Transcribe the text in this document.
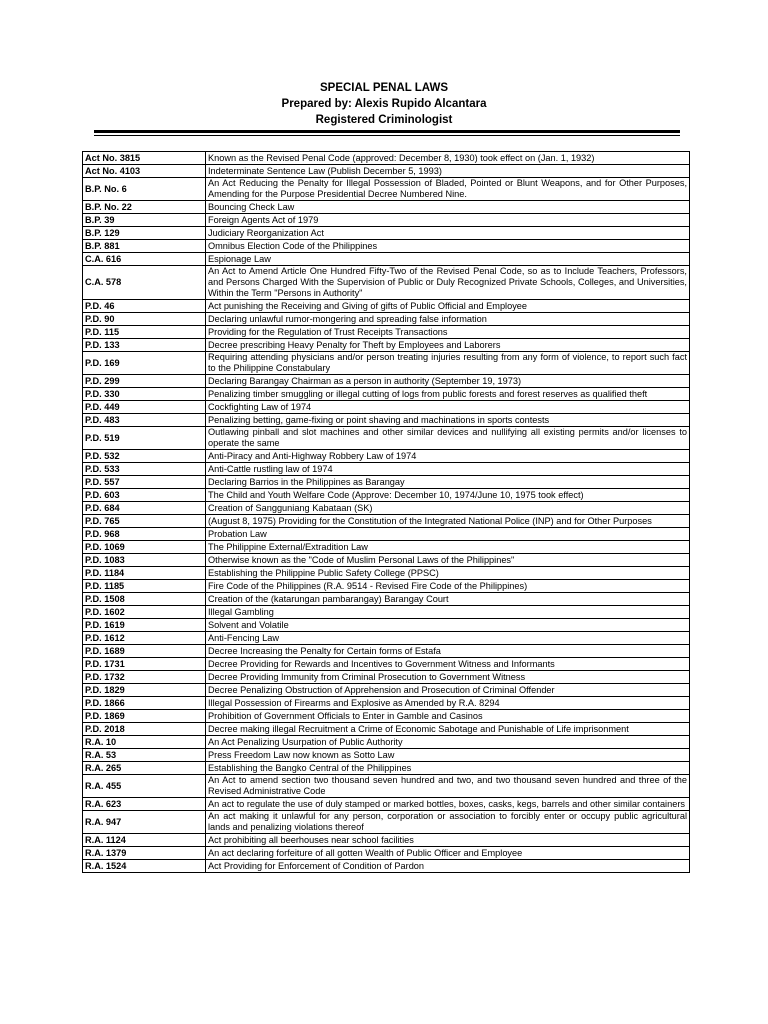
SPECIAL PENAL LAWS
Prepared by: Alexis Rupido Alcantara
Registered Criminologist
Act No. 3815	Known as the Revised Penal Code (approved: December 8, 1930) took effect on (Jan. 1, 1932)
Act No. 4103	Indeterminate Sentence Law (Publish December 5, 1993)
B.P. No. 6	An Act Reducing the Penalty for Illegal Possession of Bladed, Pointed or Blunt Weapons, and for Other Purposes, Amending for the Purpose Presidential Decree Numbered Nine.
B.P. No. 22	Bouncing Check Law
B.P. 39	Foreign Agents Act of 1979
B.P. 129	Judiciary Reorganization Act
B.P. 881	Omnibus Election Code of the Philippines
C.A. 616	Espionage Law
C.A. 578	An Act to Amend Article One Hundred Fifty-Two of the Revised Penal Code, so as to Include Teachers, Professors, and Persons Charged With the Supervision of Public or Duly Recognized Private Schools, Colleges, and Universities, Within the Term "Persons in Authority"
P.D. 46	Act punishing the Receiving and Giving of gifts of Public Official and Employee
P.D. 90	Declaring unlawful rumor-mongering and spreading false information
P.D. 115	Providing for the Regulation of Trust Receipts Transactions
P.D. 133	Decree prescribing Heavy Penalty for Theft by Employees and Laborers
P.D. 169	Requiring attending physicians and/or person treating injuries resulting from any form of violence, to report such fact to the Philippine Constabulary
P.D. 299	Declaring Barangay Chairman as a person in authority (September 19, 1973)
P.D. 330	Penalizing timber smuggling or illegal cutting of logs from public forests and forest reserves as qualified theft
P.D. 449	Cockfighting Law of 1974
P.D. 483	Penalizing betting, game-fixing or point shaving and machinations in sports contests
P.D. 519	Outlawing pinball and slot machines and other similar devices and nullifying all existing permits and/or licenses to operate the same
P.D. 532	Anti-Piracy and Anti-Highway Robbery Law of 1974
P.D. 533	Anti-Cattle rustling law of 1974
P.D. 557	Declaring Barrios in the Philippines as Barangay
P.D. 603	The Child and Youth Welfare Code (Approve: December 10, 1974/June 10, 1975 took effect)
P.D. 684	Creation of Sangguniang Kabataan (SK)
P.D. 765	(August 8, 1975) Providing for the Constitution of the Integrated National Police (INP) and for Other Purposes
P.D. 968	Probation Law
P.D. 1069	The Philippine External/Extradition Law
P.D. 1083	Otherwise known as the "Code of Muslim Personal Laws of the Philippines"
P.D. 1184	Establishing the Philippine Public Safety College (PPSC)
P.D. 1185	Fire Code of the Philippines (R.A. 9514 - Revised Fire Code of the Philippines)
P.D. 1508	Creation of the (katarungan pambarangay) Barangay Court
P.D. 1602	Illegal Gambling
P.D. 1619	Solvent and Volatile
P.D. 1612	Anti-Fencing Law
P.D. 1689	Decree Increasing the Penalty for Certain forms of Estafa
P.D. 1731	Decree Providing for Rewards and Incentives to Government Witness and Informants
P.D. 1732	Decree Providing Immunity from Criminal Prosecution to Government Witness
P.D. 1829	Decree Penalizing Obstruction of Apprehension and Prosecution of Criminal Offender
P.D. 1866	Illegal Possession of Firearms and Explosive as Amended by R.A. 8294
P.D. 1869	Prohibition of Government Officials to Enter in Gamble and Casinos
P.D. 2018	Decree making illegal Recruitment a Crime of Economic Sabotage and Punishable of Life imprisonment
R.A. 10	An Act Penalizing Usurpation of Public Authority
R.A. 53	Press Freedom Law now known as Sotto Law
R.A. 265	Establishing the Bangko Central of the Philippines
R.A. 455	An Act to amend section two thousand seven hundred and two, and two thousand seven hundred and three of the Revised Administrative Code
R.A. 623	An act to regulate the use of duly stamped or marked bottles, boxes, casks, kegs, barrels and other similar containers
R.A. 947	An act making it unlawful for any person, corporation or association to forcibly enter or occupy public agricultural lands and penalizing violations thereof
R.A. 1124	Act prohibiting all beerhouses near school facilities
R.A. 1379	An act declaring forfeiture of all gotten Wealth of Public Officer and Employee
R.A. 1524	Act Providing for Enforcement of Condition of Pardon
